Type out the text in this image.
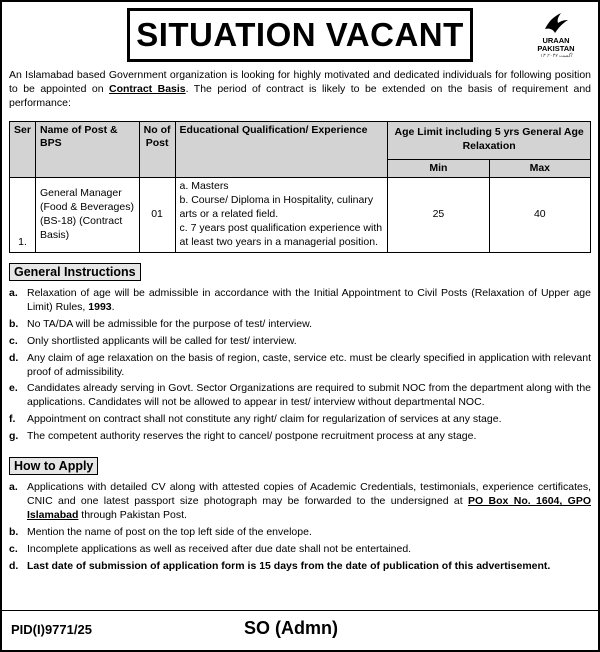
SITUATION VACANT	URAAN
PAKISTAN
۱۴ اگست ۲۰۴۷

An Islamabad based Government organization is looking for highly motivated and dedicated individuals for following position to be appointed on Contract Basis. The period of contract is likely to be extended on the basis of requirement and performance:

Ser	Name of Post & BPS	No of Post	Educational Qualification/ Experience	Age Limit including 5 yrs General Age Relaxation	
				Min	Max
1.	General Manager (Food & Beverages) (BS-18) (Contract Basis)	01	a. Masters
b. Course/ Diploma in Hospitality, culinary arts or a related field.
c. 7 years post qualification experience with at least two years in a managerial position.	25	40
General Instructions
a. Relaxation of age will be admissible in accordance with the Initial Appointment to Civil Posts (Relaxation of Upper age Limit) Rules, 1993.
b. No TA/DA will be admissible for the purpose of test/ interview.
c. Only shortlisted applicants will be called for test/ interview.
d. Any claim of age relaxation on the basis of region, caste, service etc. must be clearly specified in application with relevant proof of admissibility.
e. Candidates already serving in Govt. Sector Organizations are required to submit NOC from the department along with the applications. Candidates will not be allowed to appear in test/ interview without departmental NOC.
f. Appointment on contract shall not constitute any right/ claim for regularization of services at any stage.
g. The competent authority reserves the right to cancel/ postpone recruitment process at any stage.
How to Apply
a. Applications with detailed CV along with attested copies of Academic Credentials, testimonials, experience certificates, CNIC and one latest passport size photograph may be forwarded to the undersigned at PO Box No. 1604, GPO Islamabad through Pakistan Post.
b. Mention the name of post on the top left side of the envelope.
c. Incomplete applications as well as received after due date shall not be entertained.
d. Last date of submission of application form is 15 days from the date of publication of this advertisement.
PID(I)9771/25	SO (Admn)
